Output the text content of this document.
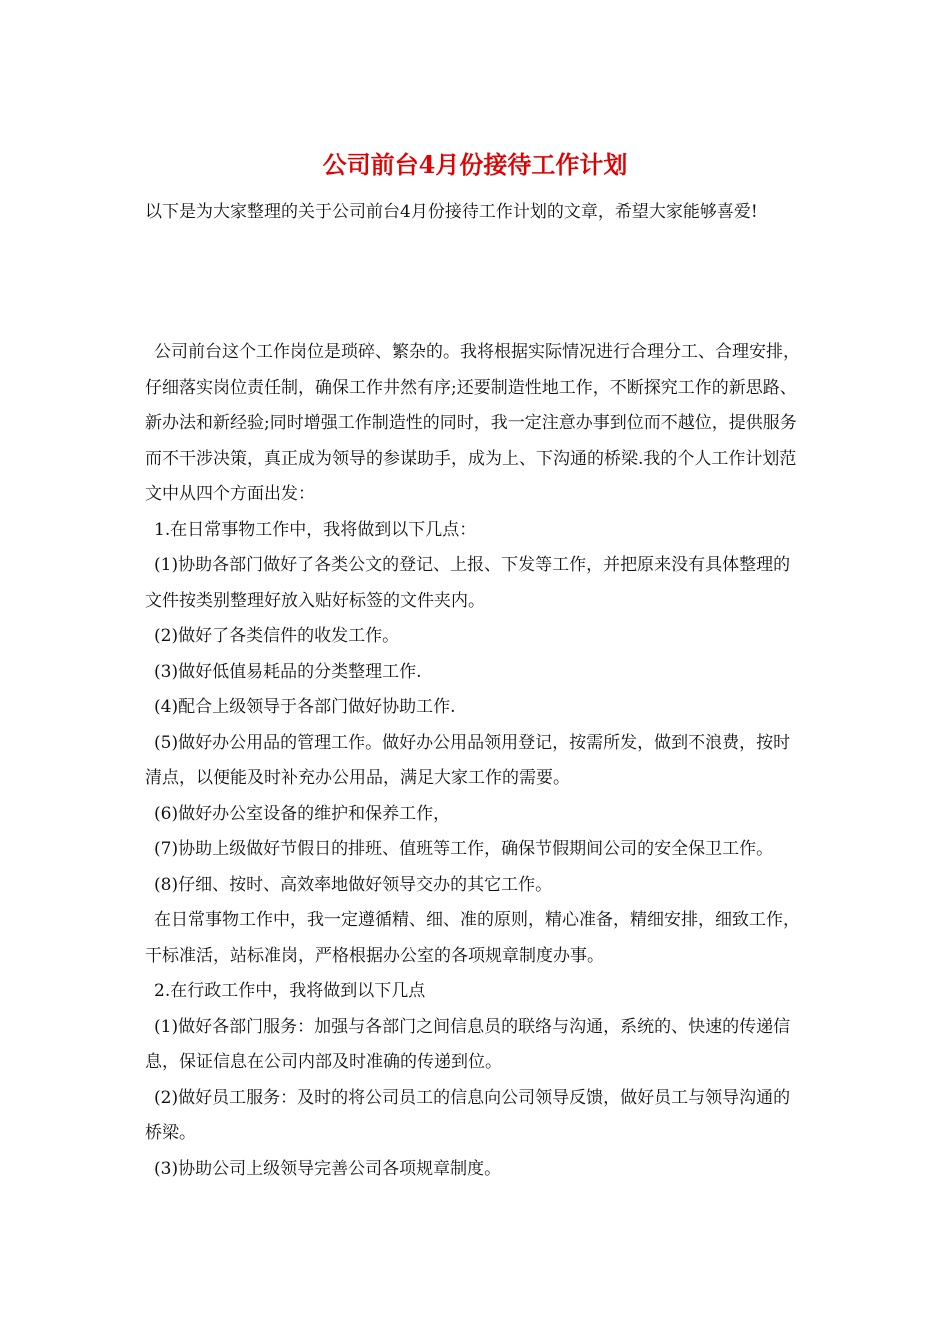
公司前台4月份接待工作计划

以下是为大家整理的关于公司前台4月份接待工作计划的文章，希望大家能够喜爱!

公司前台这个工作岗位是琐碎、繁杂的。我将根据实际情况进行合理分工、合理安排，仔细落实岗位责任制，确保工作井然有序;还要制造性地工作，不断探究工作的新思路、新办法和新经验;同时增强工作制造性的同时，我一定注意办事到位而不越位，提供服务而不干涉决策，真正成为领导的参谋助手，成为上、下沟通的桥梁.我的个人工作计划范文中从四个方面出发：

1.在日常事物工作中，我将做到以下几点：

(1)协助各部门做好了各类公文的登记、上报、下发等工作，并把原来没有具体整理的文件按类别整理好放入贴好标签的文件夹内。

(2)做好了各类信件的收发工作。

(3)做好低值易耗品的分类整理工作.

(4)配合上级领导于各部门做好协助工作.

(5)做好办公用品的管理工作。做好办公用品领用登记，按需所发，做到不浪费，按时清点，以便能及时补充办公用品，满足大家工作的需要。

(6)做好办公室设备的维护和保养工作，

(7)协助上级做好节假日的排班、值班等工作，确保节假期间公司的安全保卫工作。

(8)仔细、按时、高效率地做好领导交办的其它工作。

在日常事物工作中，我一定遵循精、细、准的原则，精心准备，精细安排，细致工作，干标准活，站标准岗，严格根据办公室的各项规章制度办事。

2.在行政工作中，我将做到以下几点

(1)做好各部门服务：加强与各部门之间信息员的联络与沟通，系统的、快速的传递信息，保证信息在公司内部及时准确的传递到位。

(2)做好员工服务：及时的将公司员工的信息向公司领导反馈，做好员工与领导沟通的桥梁。

(3)协助公司上级领导完善公司各项规章制度。
